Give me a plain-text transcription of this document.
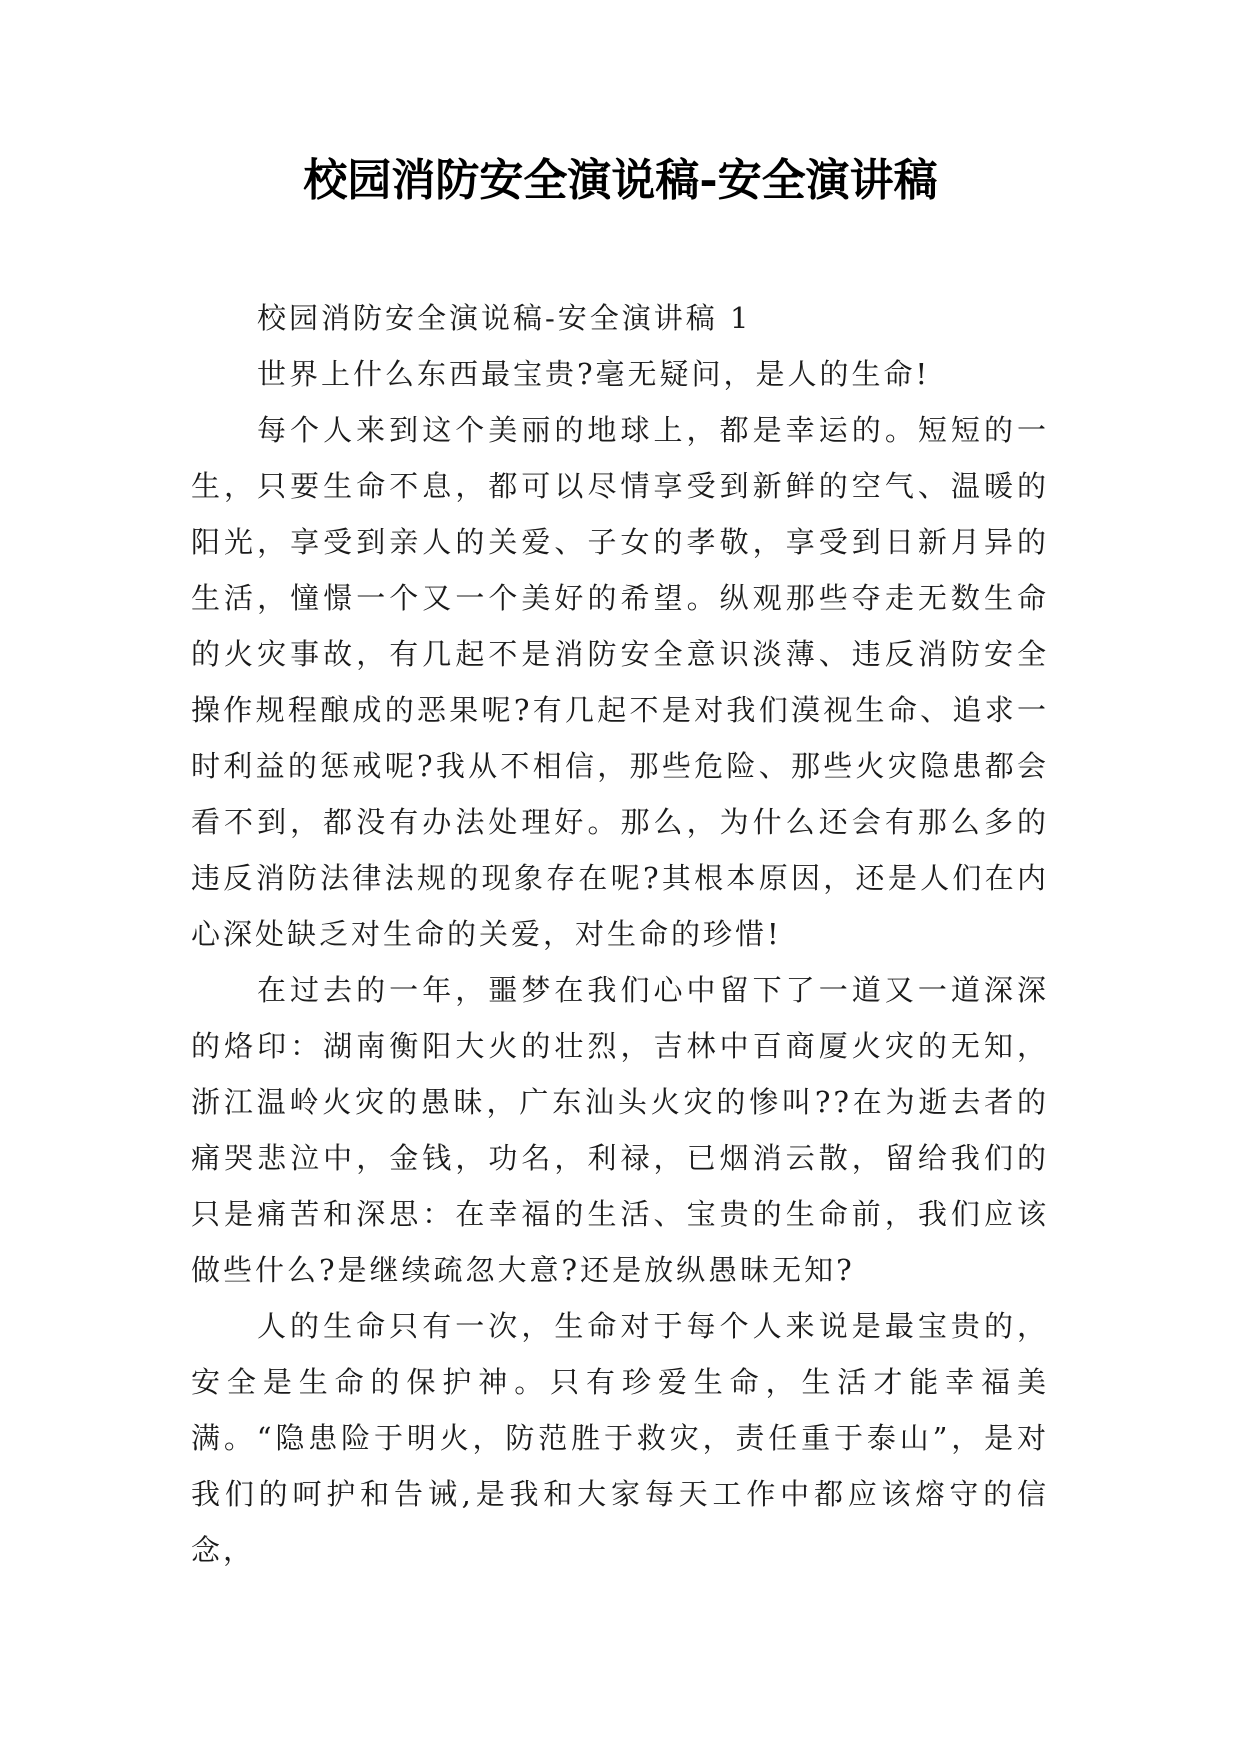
校园消防安全演说稿-安全演讲稿

校园消防安全演说稿-安全演讲稿 1

世界上什么东西最宝贵?毫无疑问，是人的生命!

每个人来到这个美丽的地球上，都是幸运的。短短的一生，只要生命不息，都可以尽情享受到新鲜的空气、温暖的阳光，享受到亲人的关爱、子女的孝敬，享受到日新月异的生活，憧憬一个又一个美好的希望。纵观那些夺走无数生命的火灾事故，有几起不是消防安全意识淡薄、违反消防安全操作规程酿成的恶果呢?有几起不是对我们漠视生命、追求一时利益的惩戒呢?我从不相信，那些危险、那些火灾隐患都会看不到，都没有办法处理好。那么，为什么还会有那么多的违反消防法律法规的现象存在呢?其根本原因，还是人们在内心深处缺乏对生命的关爱，对生命的珍惜!

在过去的一年，噩梦在我们心中留下了一道又一道深深的烙印：湖南衡阳大火的壮烈，吉林中百商厦火灾的无知，浙江温岭火灾的愚昧，广东汕头火灾的惨叫??在为逝去者的痛哭悲泣中，金钱，功名，利禄，已烟消云散，留给我们的只是痛苦和深思：在幸福的生活、宝贵的生命前，我们应该做些什么?是继续疏忽大意?还是放纵愚昧无知?

人的生命只有一次，生命对于每个人来说是最宝贵的，安全是生命的保护神。只有珍爱生命，生活才能幸福美满。“隐患险于明火，防范胜于救灾，责任重于泰山”，是对我们的呵护和告诫,是我和大家每天工作中都应该熔守的信念，
